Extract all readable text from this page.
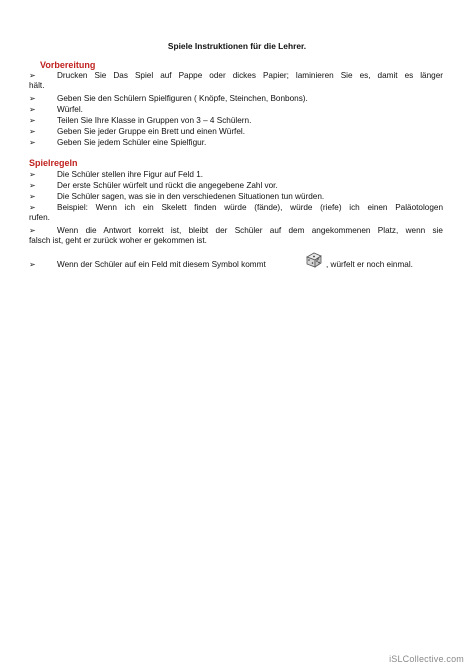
Spiele Instruktionen für die Lehrer.
Vorbereitung
➢	Drucken Sie Das Spiel auf Pappe oder dickes Papier; laminieren Sie es, damit es länger
hält.
➢	Geben Sie den Schülern Spielfiguren ( Knöpfe, Steinchen, Bonbons).
➢	Würfel.
➢	Teilen Sie Ihre Klasse in Gruppen von 3 – 4 Schülern.
➢	Geben Sie jeder Gruppe ein Brett und einen Würfel.
➢	Geben Sie jedem Schüler eine Spielfigur.
Spielregeln
➢	Die Schüler stellen ihre Figur auf Feld 1.
➢	Der erste Schüler würfelt und rückt die angegebene Zahl vor.
➢	Die Schüler sagen, was sie in den verschiedenen Situationen tun würden.
➢	Beispiel: Wenn ich ein Skelett finden würde (fände), würde (riefe) ich einen Paläotologen
rufen.
➢	Wenn die Antwort korrekt ist, bleibt der Schüler auf dem angekommenen Platz, wenn sie
falsch ist, geht er zurück woher er gekommen ist.
➢	Wenn der Schüler auf ein Feld mit diesem Symbol kommt	, würfelt er noch einmal.
iSLCollective.com
